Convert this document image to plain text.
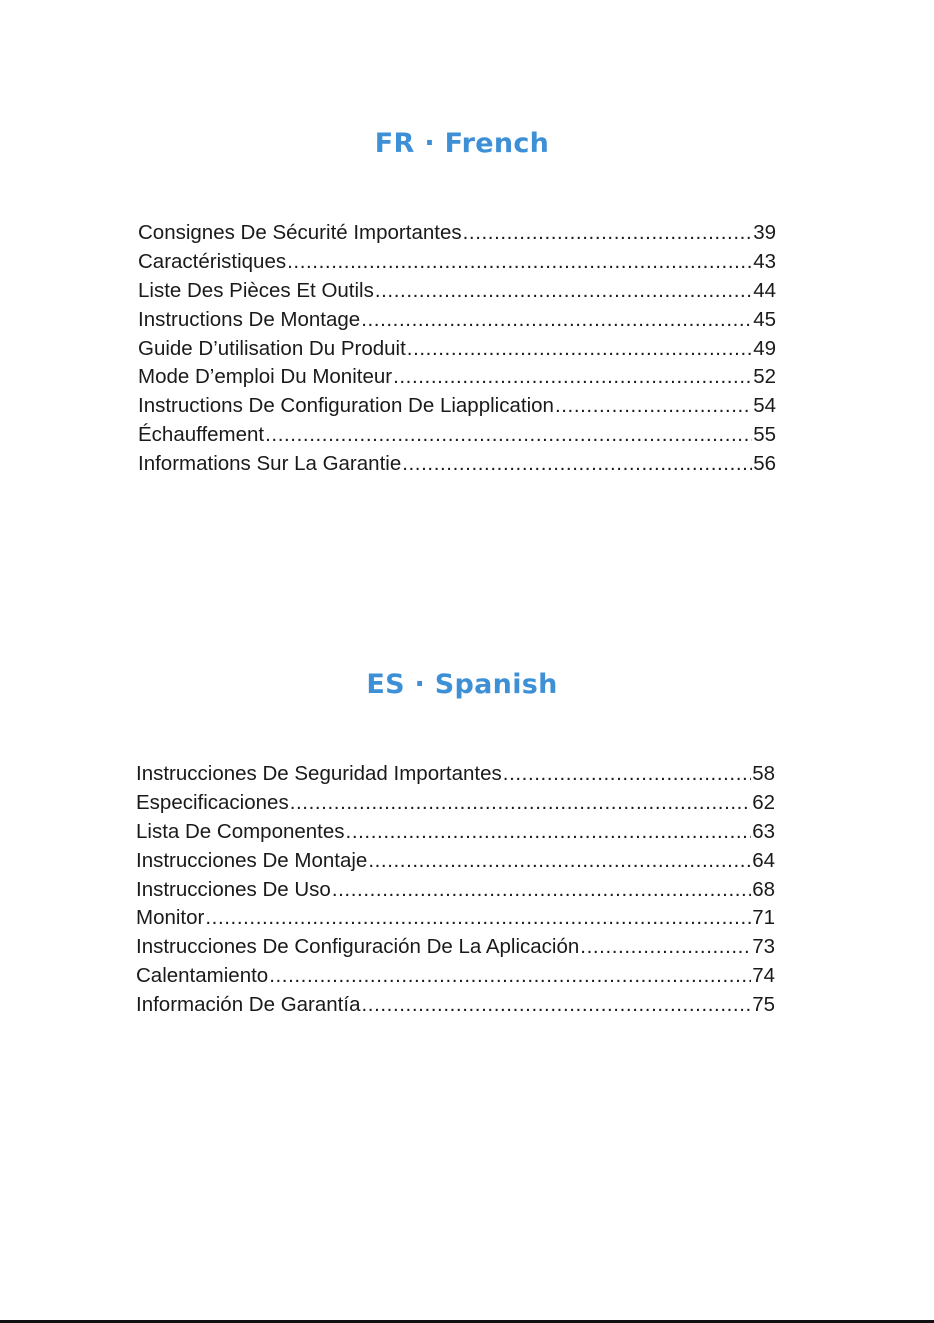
FR · French
Consignes De Sécurité Importantes .....	39
Caractéristiques .....	43
Liste Des Pièces Et Outils .....	44
Instructions De Montage .....	45
Guide D’utilisation Du Produit .....	49
Mode D’emploi Du Moniteur .....	52
Instructions De Configuration De Liapplication .....	54
Échauffement .....	55
Informations Sur La Garantie .....	56
ES · Spanish
Instrucciones De Seguridad Importantes .....	58
Especificaciones .....	62
Lista De Componentes .....	63
Instrucciones De Montaje .....	64
Instrucciones De Uso .....	68
Monitor .....	71
Instrucciones De Configuración De La Aplicación .....	73
Calentamiento .....	74
Información De Garantía .....	75
